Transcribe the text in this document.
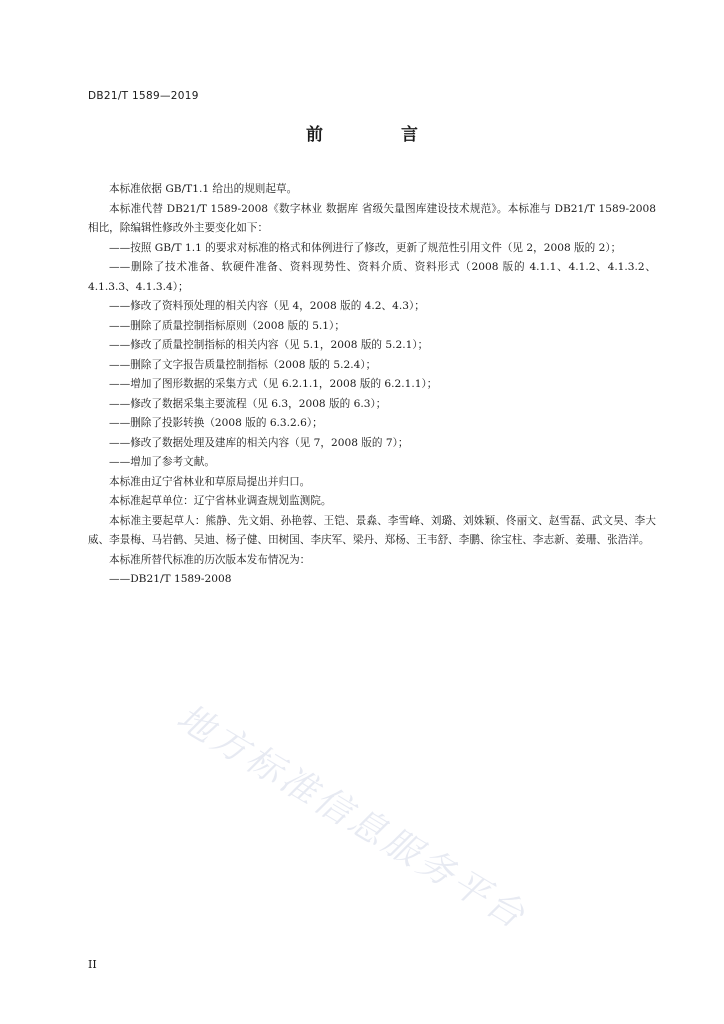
DB21/T 1589—2019
前 言

本标准依据 GB/T1.1 给出的规则起草。

本标准代替 DB21/T 1589-2008《数字林业 数据库 省级矢量图库建设技术规范》。本标准与 DB21/T 1589-2008 相比，除编辑性修改外主要变化如下：

——按照 GB/T 1.1 的要求对标准的格式和体例进行了修改，更新了规范性引用文件（见 2，2008 版的 2）；

——删除了技术准备、软硬件准备、资料现势性、资料介质、资料形式（2008 版的 4.1.1、4.1.2、4.1.3.2、4.1.3.3、4.1.3.4）；

——修改了资料预处理的相关内容（见 4，2008 版的 4.2、4.3）；

——删除了质量控制指标原则（2008 版的 5.1）；

——修改了质量控制指标的相关内容（见 5.1，2008 版的 5.2.1）；

——删除了文字报告质量控制指标（2008 版的 5.2.4）；

——增加了图形数据的采集方式（见 6.2.1.1，2008 版的 6.2.1.1）；

——修改了数据采集主要流程（见 6.3，2008 版的 6.3）；

——删除了投影转换（2008 版的 6.3.2.6）；

——修改了数据处理及建库的相关内容（见 7，2008 版的 7）；

——增加了参考文献。

本标准由辽宁省林业和草原局提出并归口。

本标准起草单位：辽宁省林业调查规划监测院。

本标准主要起草人：熊静、先文娟、孙艳蓉、王铠、景淼、李雪峰、刘璐、刘姝颖、佟丽文、赵雪磊、武文昊、李大威、李景梅、马岩鹤、吴迪、杨子健、田树国、李庆军、梁丹、郑杨、王韦舒、李鹏、徐宝柱、李志新、姜珊、张浩洋。

本标准所替代标准的历次版本发布情况为：

——DB21/T 1589-2008

地方标准信息服务平台
II
